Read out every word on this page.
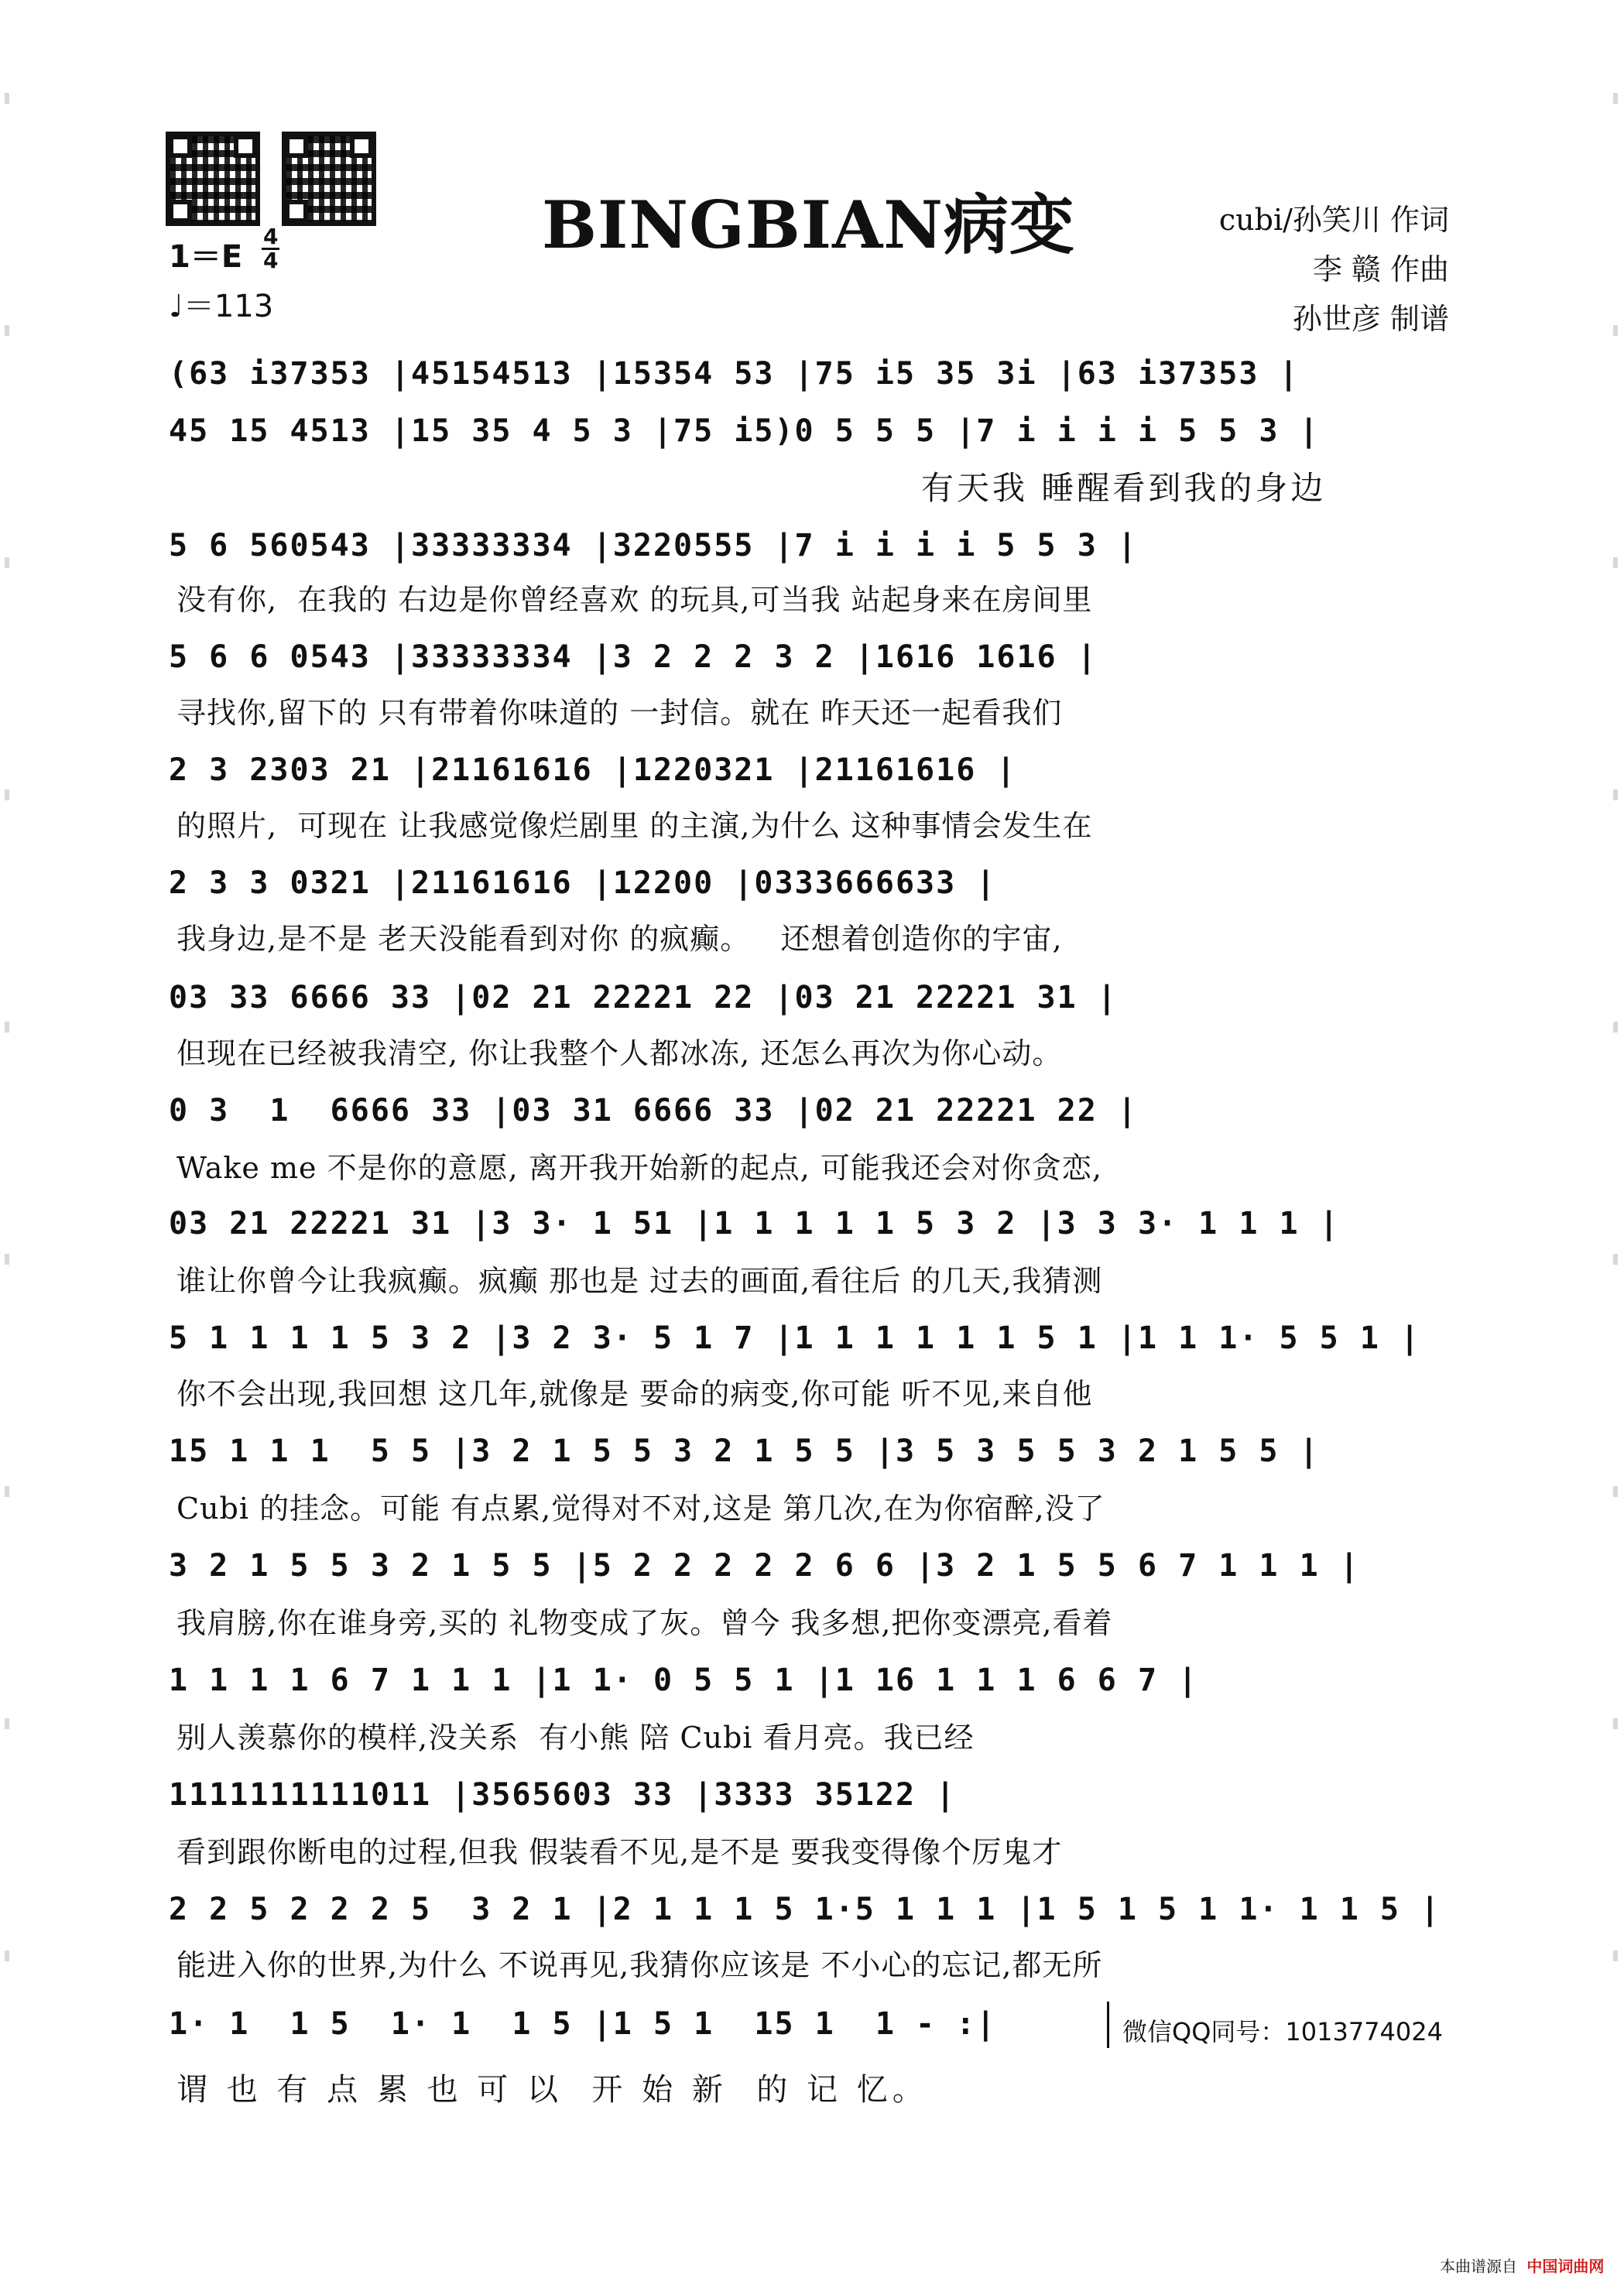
BINGBIAN病变	cubi/孙笑川 作词
李 赣 作曲
孙世彦 制谱
1＝E
4
4
♩＝113
(63 i37353 |45154513 |15354 53 |75 i5 35 3i |63 i37353 |
45 15 4513 |15 35 4 5 3 |75 i5)0 5 5 5 |7 i i i i 5 5 3 |
有天我 睡醒看到我的身边
5 6 560543 |33333334 |3220555 |7 i i i i 5 5 3 |
没有你,  在我的 右边是你曾经喜欢 的玩具,可当我 站起身来在房间里
5 6 6 0543 |33333334 |3 2 2 2 3 2 |1616 1616 |
寻找你,留下的 只有带着你味道的 一封信。就在 昨天还一起看我们
2 3 2303 21 |21161616 |1220321 |21161616 |
的照片,  可现在 让我感觉像烂剧里 的主演,为什么 这种事情会发生在
2 3 3 0321 |21161616 |12200 |0333666633 |
我身边,是不是 老天没能看到对你 的疯癫。   还想着创造你的宇宙,
03 33 6666 33 |02 21 22221 22 |03 21 22221 31 |
但现在已经被我清空, 你让我整个人都冰冻, 还怎么再次为你心动。
0 3  1  6666 33 |03 31 6666 33 |02 21 22221 22 |
Wake me 不是你的意愿, 离开我开始新的起点, 可能我还会对你贪恋,
03 21 22221 31 |3 3· 1 51 |1 1 1 1 1 5 3 2 |3 3 3· 1 1 1 |
谁让你曾今让我疯癫。疯癫 那也是 过去的画面,看往后 的几天,我猜测
5 1 1 1 1 5 3 2 |3 2 3· 5 1 7 |1 1 1 1 1 1 5 1 |1 1 1· 5 5 1 |
你不会出现,我回想 这几年,就像是 要命的病变,你可能 听不见,来自他
15 1 1 1  5 5 |3 2 1 5 5 3 2 1 5 5 |3 5 3 5 5 3 2 1 5 5 |
Cubi 的挂念。可能 有点累,觉得对不对,这是 第几次,在为你宿醉,没了
3 2 1 5 5 3 2 1 5 5 |5 2 2 2 2 2 6 6 |3 2 1 5 5 6 7 1 1 1 |
我肩膀,你在谁身旁,买的 礼物变成了灰。曾今 我多想,把你变漂亮,看着
1 1 1 1 6 7 1 1 1 |1 1· 0 5 5 1 |1 16 1 1 1 6 6 7 |
别人羡慕你的模样,没关系  有小熊 陪 Cubi 看月亮。我已经
1111111111011 |3565603 33 |3333 35122 |
看到跟你断电的过程,但我 假装看不见,是不是 要我变得像个厉鬼才
2 2 5 2 2 2 5  3 2 1 |2 1 1 1 5 1·5 1 1 1 |1 5 1 5 1 1· 1 1 5 |
能进入你的世界,为什么 不说再见,我猜你应该是 不小心的忘记,都无所
1· 1  1 5  1· 1  1 5 |1 5 1  15 1  1 - :|
谓 也 有 点 累 也 可 以  开 始 新  的 记 忆。
微信QQ同号：1013774024
本曲谱源自 中国词曲网
